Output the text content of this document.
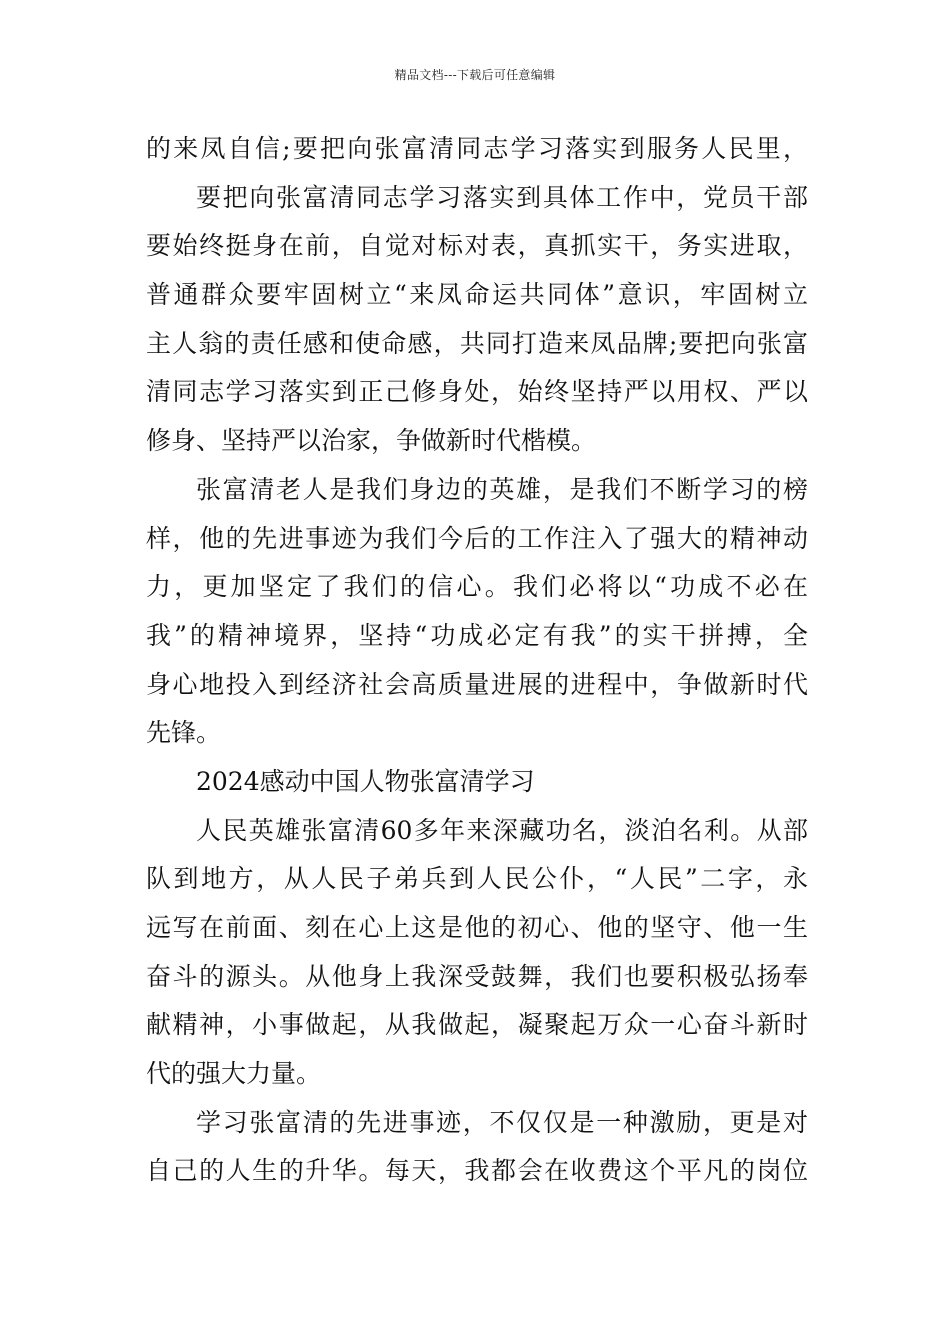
精品文档---下载后可任意编辑
的来凤自信;要把向张富清同志学习落实到服务人民里，
要把向张富清同志学习落实到具体工作中，党员干部
要始终挺身在前，自觉对标对表，真抓实干，务实进取，
普通群众要牢固树立“来凤命运共同体”意识，牢固树立
主人翁的责任感和使命感，共同打造来凤品牌;要把向张富
清同志学习落实到正己修身处，始终坚持严以用权、严以
修身、坚持严以治家，争做新时代楷模。
张富清老人是我们身边的英雄，是我们不断学习的榜
样，他的先进事迹为我们今后的工作注入了强大的精神动
力，更加坚定了我们的信心。我们必将以“功成不必在
我”的精神境界，坚持“功成必定有我”的实干拼搏，全
身心地投入到经济社会高质量进展的进程中，争做新时代
先锋。
2024感动中国人物张富清学习
人民英雄张富清60多年来深藏功名，淡泊名利。从部
队到地方，从人民子弟兵到人民公仆，“人民”二字，永
远写在前面、刻在心上这是他的初心、他的坚守、他一生
奋斗的源头。从他身上我深受鼓舞，我们也要积极弘扬奉
献精神，小事做起，从我做起，凝聚起万众一心奋斗新时
代的强大力量。
学习张富清的先进事迹，不仅仅是一种激励，更是对
自己的人生的升华。每天，我都会在收费这个平凡的岗位
